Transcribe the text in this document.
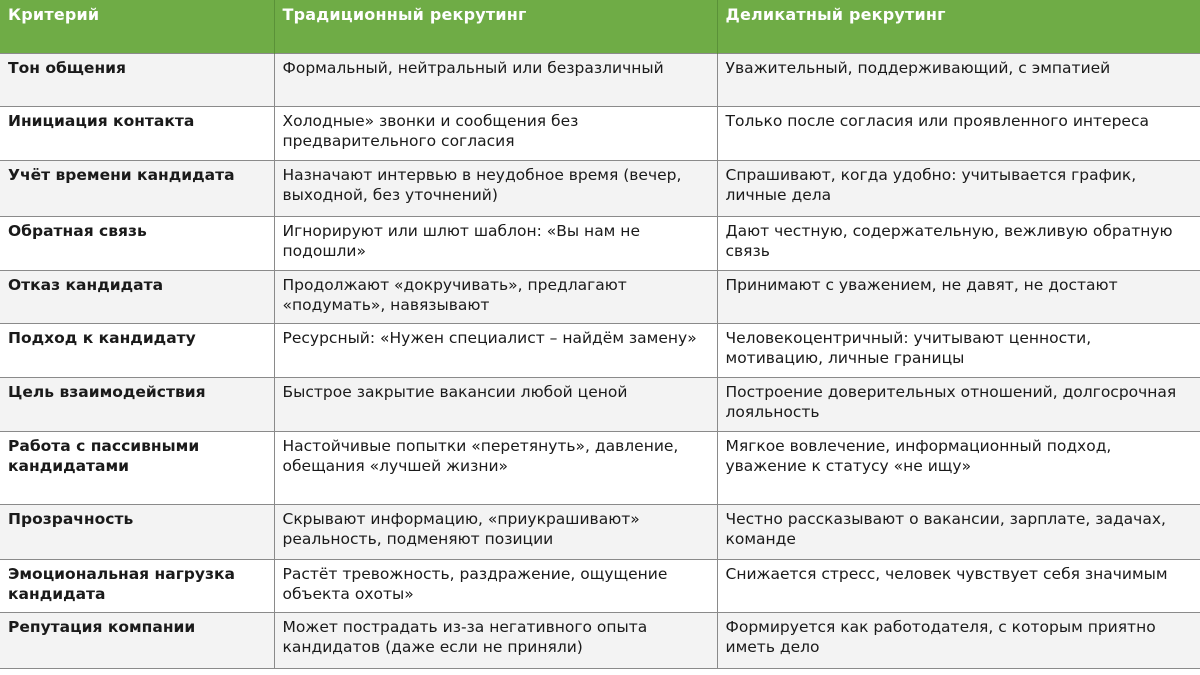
Критерий	Традиционный рекрутинг	Деликатный рекрутинг
Тон общения	Формальный, нейтральный или безразличный	Уважительный, поддерживающий, с эмпатией
Инициация контакта	Холодные» звонки и сообщения без предварительного согласия	Только после согласия или проявленного интереса
Учёт времени кандидата	Назначают интервью в неудобное время (вечер, выходной, без уточнений)	Спрашивают, когда удобно: учитывается график, личные дела
Обратная связь	Игнорируют или шлют шаблон: «Вы нам не подошли»	Дают честную, содержательную, вежливую обратную связь
Отказ кандидата	Продолжают «докручивать», предлагают «подумать», навязывают	Принимают с уважением, не давят, не достают
Подход к кандидату	Ресурсный: «Нужен специалист – найдём замену»	Человекоцентричный: учитывают ценности, мотивацию, личные границы
Цель взаимодействия	Быстрое закрытие вакансии любой ценой	Построение доверительных отношений, долгосрочная лояльность
Работа с пассивными кандидатами	Настойчивые попытки «перетянуть», давление, обещания «лучшей жизни»	Мягкое вовлечение, информационный подход, уважение к статусу «не ищу»
Прозрачность	Скрывают информацию, «приукрашивают» реальность, подменяют позиции	Честно рассказывают о вакансии, зарплате, задачах, команде
Эмоциональная нагрузка кандидата	Растёт тревожность, раздражение, ощущение объекта охоты»	Снижается стресс, человек чувствует себя значимым
Репутация компании	Может пострадать из-за негативного опыта кандидатов (даже если не приняли)	Формируется как работодателя, с которым приятно иметь дело
